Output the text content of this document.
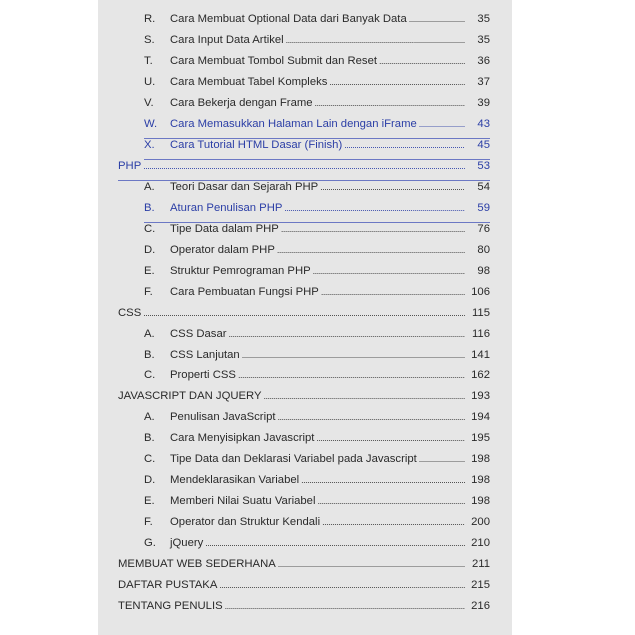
R.	Cara Membuat Optional Data dari Banyak Data .....	35
S.	Cara Input Data Artikel .....	35
T.	Cara Membuat Tombol Submit dan Reset .....	36
U.	Cara Membuat Tabel Kompleks .....	37
V.	Cara Bekerja dengan Frame .....	39
W.	Cara Memasukkan Halaman Lain dengan iFrame .....	43
X.	Cara Tutorial HTML Dasar (Finish) .....	45
PHP .....	53
A.	Teori Dasar dan Sejarah PHP .....	54
B.	Aturan Penulisan PHP .....	59
C.	Tipe Data dalam PHP .....	76
D.	Operator dalam PHP .....	80
E.	Struktur Pemrograman PHP .....	98
F.	Cara Pembuatan Fungsi PHP .....	106
CSS .....	115
A.	CSS Dasar .....	116
B.	CSS Lanjutan .....	141
C.	Properti CSS .....	162
JAVASCRIPT DAN JQUERY .....	193
A.	Penulisan JavaScript .....	194
B.	Cara Menyisipkan Javascript .....	195
C.	Tipe Data dan Deklarasi Variabel pada Javascript .....	198
D.	Mendeklarasikan Variabel .....	198
E.	Memberi Nilai Suatu Variabel .....	198
F.	Operator dan Struktur Kendali .....	200
G.	jQuery .....	210
MEMBUAT WEB SEDERHANA .....	211
DAFTAR PUSTAKA .....	215
TENTANG PENULIS .....	216
